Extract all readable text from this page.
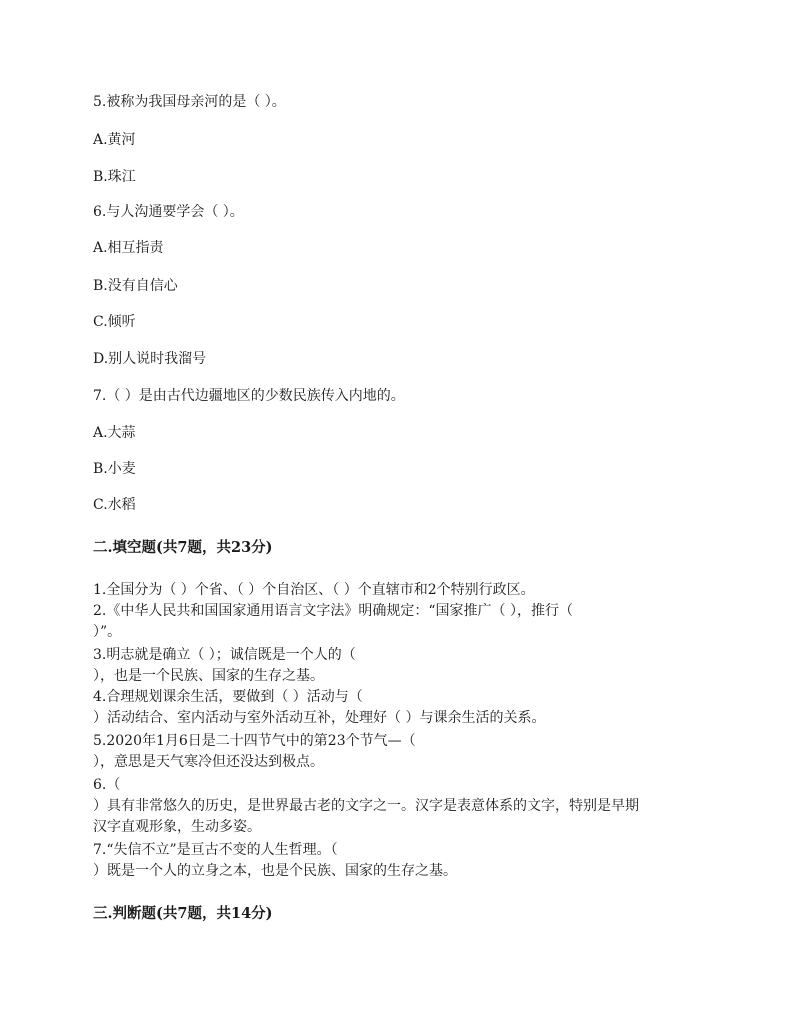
5.被称为我国母亲河的是（ ）。
A.黄河
B.珠江
6.与人沟通要学会（ ）。
A.相互指责
B.没有自信心
C.倾听
D.别人说时我溜号
7.（ ）是由古代边疆地区的少数民族传入内地的。
A.大蒜
B.小麦
C.水稻
二.填空题(共7题，共23分)
1.全国分为（ ）个省、（ ）个自治区、（ ）个直辖市和2个特别行政区。
2.《中华人民共和国国家通用语言文字法》明确规定：“国家推广（ ），推行（
）”。
3.明志就是确立（ ）；诚信既是一个人的（
），也是一个民族、国家的生存之基。
4.合理规划课余生活，要做到（ ）活动与（
）活动结合、室内活动与室外活动互补，处理好（ ）与课余生活的关系。
5.2020年1月6日是二十四节气中的第23个节气—（
），意思是天气寒冷但还没达到极点。
6.（
）具有非常悠久的历史，是世界最古老的文字之一。汉字是表意体系的文字，特别是早期
汉字直观形象，生动多姿。
7.“失信不立”是亘古不变的人生哲理。（
）既是一个人的立身之本，也是个民族、国家的生存之基。
三.判断题(共7题，共14分)
